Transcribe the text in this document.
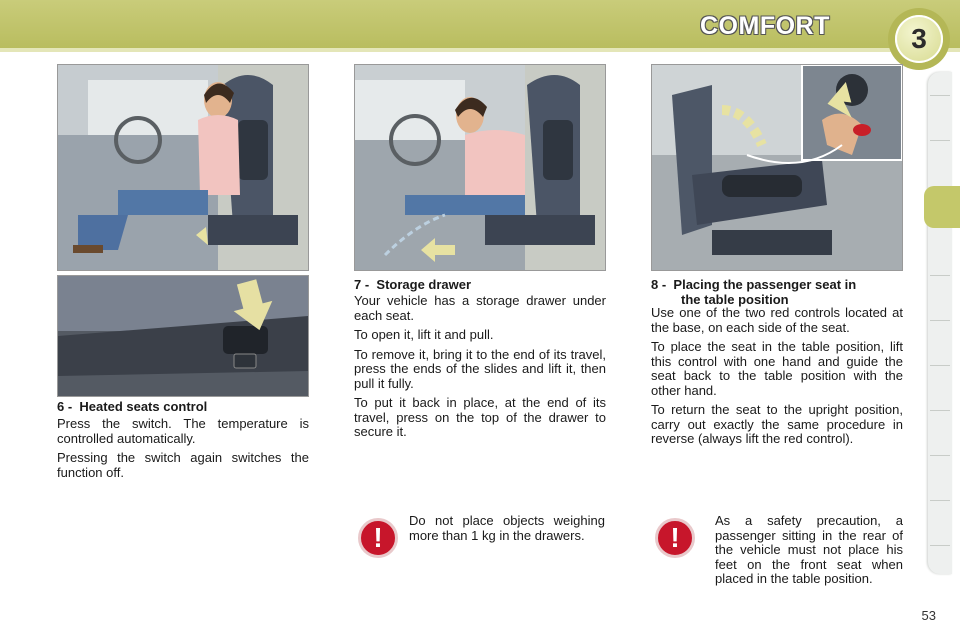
COMFORT	3
6 - Heated seats control

Press the switch. The temperature is controlled automatically.

Pressing the switch again switches the function off.

7 - Storage drawer

Your vehicle has a storage drawer under each seat.

To open it, lift it and pull.

To remove it, bring it to the end of its travel, press the ends of the slides and lift it, then pull it fully.

To put it back in place, at the end of its travel, press on the top of the drawer to secure it.

8 - Placing the passenger seat in
the table position

Use one of the two red controls located at the base, on each side of the seat.

To place the seat in the table position, lift this control with one hand and guide the seat back to the table position with the other hand.

To return the seat to the upright position, carry out exactly the same procedure in reverse (always lift the red control).

!
Do not place objects weighing more than 1 kg in the drawers.	!
As a safety precaution, a passenger sitting in the rear of the vehicle must not place his feet on the front seat when placed in the table position.
53
